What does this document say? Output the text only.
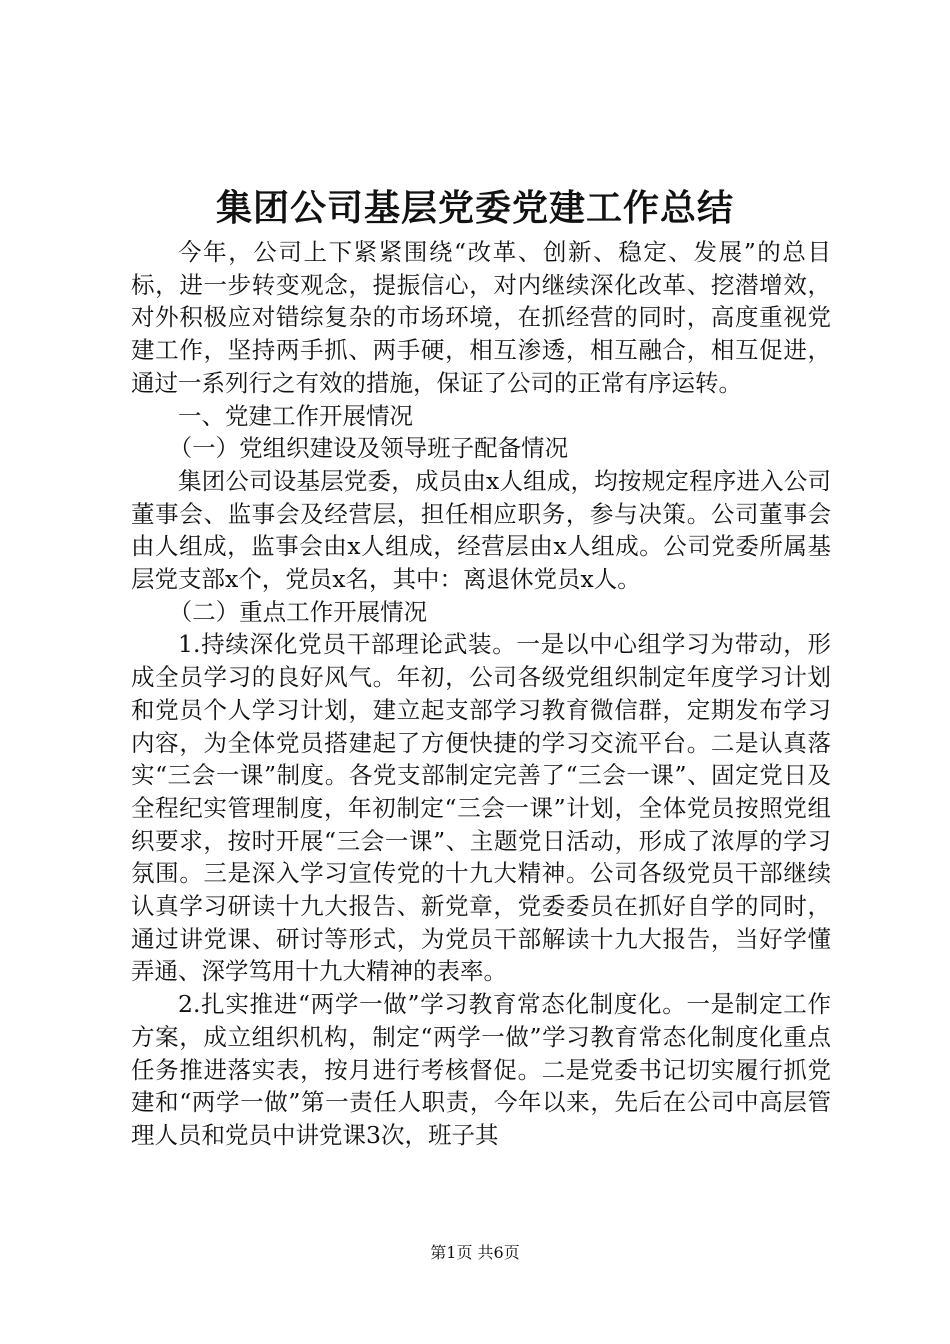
集团公司基层党委党建工作总结

今年，公司上下紧紧围绕“改革、创新、稳定、发展”的总目标，进一步转变观念，提振信心，对内继续深化改革、挖潜增效，对外积极应对错综复杂的市场环境，在抓经营的同时，高度重视党建工作，坚持两手抓、两手硬，相互渗透，相互融合，相互促进，通过一系列行之有效的措施，保证了公司的正常有序运转。

一、党建工作开展情况

（一）党组织建设及领导班子配备情况

集团公司设基层党委，成员由x人组成，均按规定程序进入公司董事会、监事会及经营层，担任相应职务，参与决策。公司董事会由人组成，监事会由x人组成，经营层由x人组成。公司党委所属基层党支部x个，党员x名，其中：离退休党员x人。

（二）重点工作开展情况

1.持续深化党员干部理论武装。一是以中心组学习为带动，形成全员学习的良好风气。年初，公司各级党组织制定年度学习计划和党员个人学习计划，建立起支部学习教育微信群，定期发布学习内容，为全体党员搭建起了方便快捷的学习交流平台。二是认真落实“三会一课”制度。各党支部制定完善了“三会一课”、固定党日及全程纪实管理制度，年初制定“三会一课”计划，全体党员按照党组织要求，按时开展“三会一课”、主题党日活动，形成了浓厚的学习氛围。三是深入学习宣传党的十九大精神。公司各级党员干部继续认真学习研读十九大报告、新党章，党委委员在抓好自学的同时，通过讲党课、研讨等形式，为党员干部解读十九大报告，当好学懂弄通、深学笃用十九大精神的表率。

2.扎实推进“两学一做”学习教育常态化制度化。一是制定工作方案，成立组织机构，制定“两学一做”学习教育常态化制度化重点任务推进落实表，按月进行考核督促。二是党委书记切实履行抓党建和“两学一做”第一责任人职责，今年以来，先后在公司中高层管理人员和党员中讲党课3次，班子其

第1页 共6页
